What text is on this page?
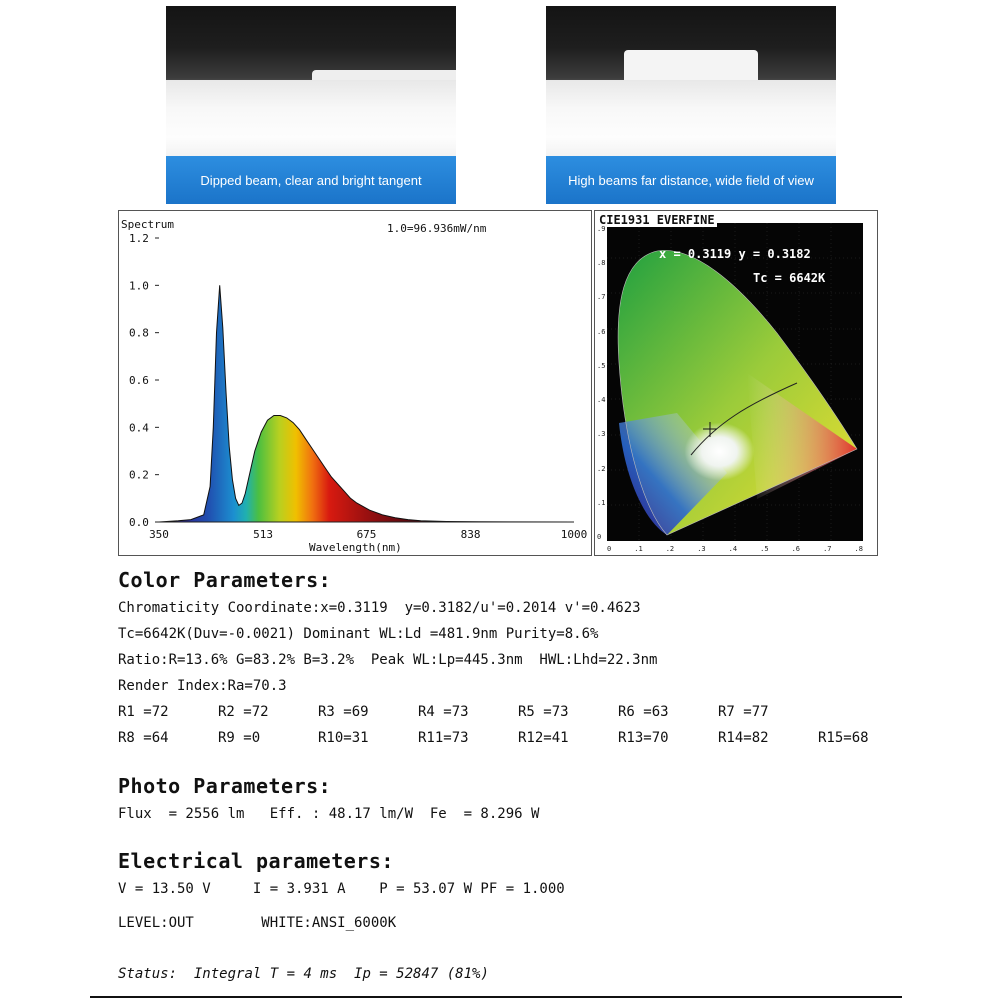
Dipped beam, clear and bright tangent	High beams far distance, wide field of view
Spectrum	1.0=96.936mW/nm
0.0
0.2
0.4
0.6
0.8
1.0
1.2
350	513	675	838	1000
Wavelength(nm)
x = 0.3119 y = 0.3182
Tc = 6642K
CIE1931 EVERFINE
.9
.8
.7
.6
.5
.4
.3
.2
.1
0
0	.1	.2	.3	.4	.5	.6	.7	.8
Color Parameters:
Chromaticity Coordinate:x=0.3119  y=0.3182/u'=0.2014 v'=0.4623
Tc=6642K(Duv=-0.0021) Dominant WL:Ld =481.9nm Purity=8.6%
Ratio:R=13.6% G=83.2% B=3.2%  Peak WL:Lp=445.3nm  HWL:Lhd=22.3nm
Render Index:Ra=70.3
R1 =72	R2 =72	R3 =69	R4 =73	R5 =73	R6 =63	R7 =77
R8 =64	R9 =0	R10=31	R11=73	R12=41	R13=70	R14=82	R15=68
Photo Parameters:
Flux  = 2556 lm   Eff. : 48.17 lm/W  Fe  = 8.296 W
Electrical parameters:
V = 13.50 V     I = 3.931 A    P = 53.07 W PF = 1.000
LEVEL:OUT        WHITE:ANSI_6000K
Status: Integral T = 4 ms  Ip = 52847 (81%)
